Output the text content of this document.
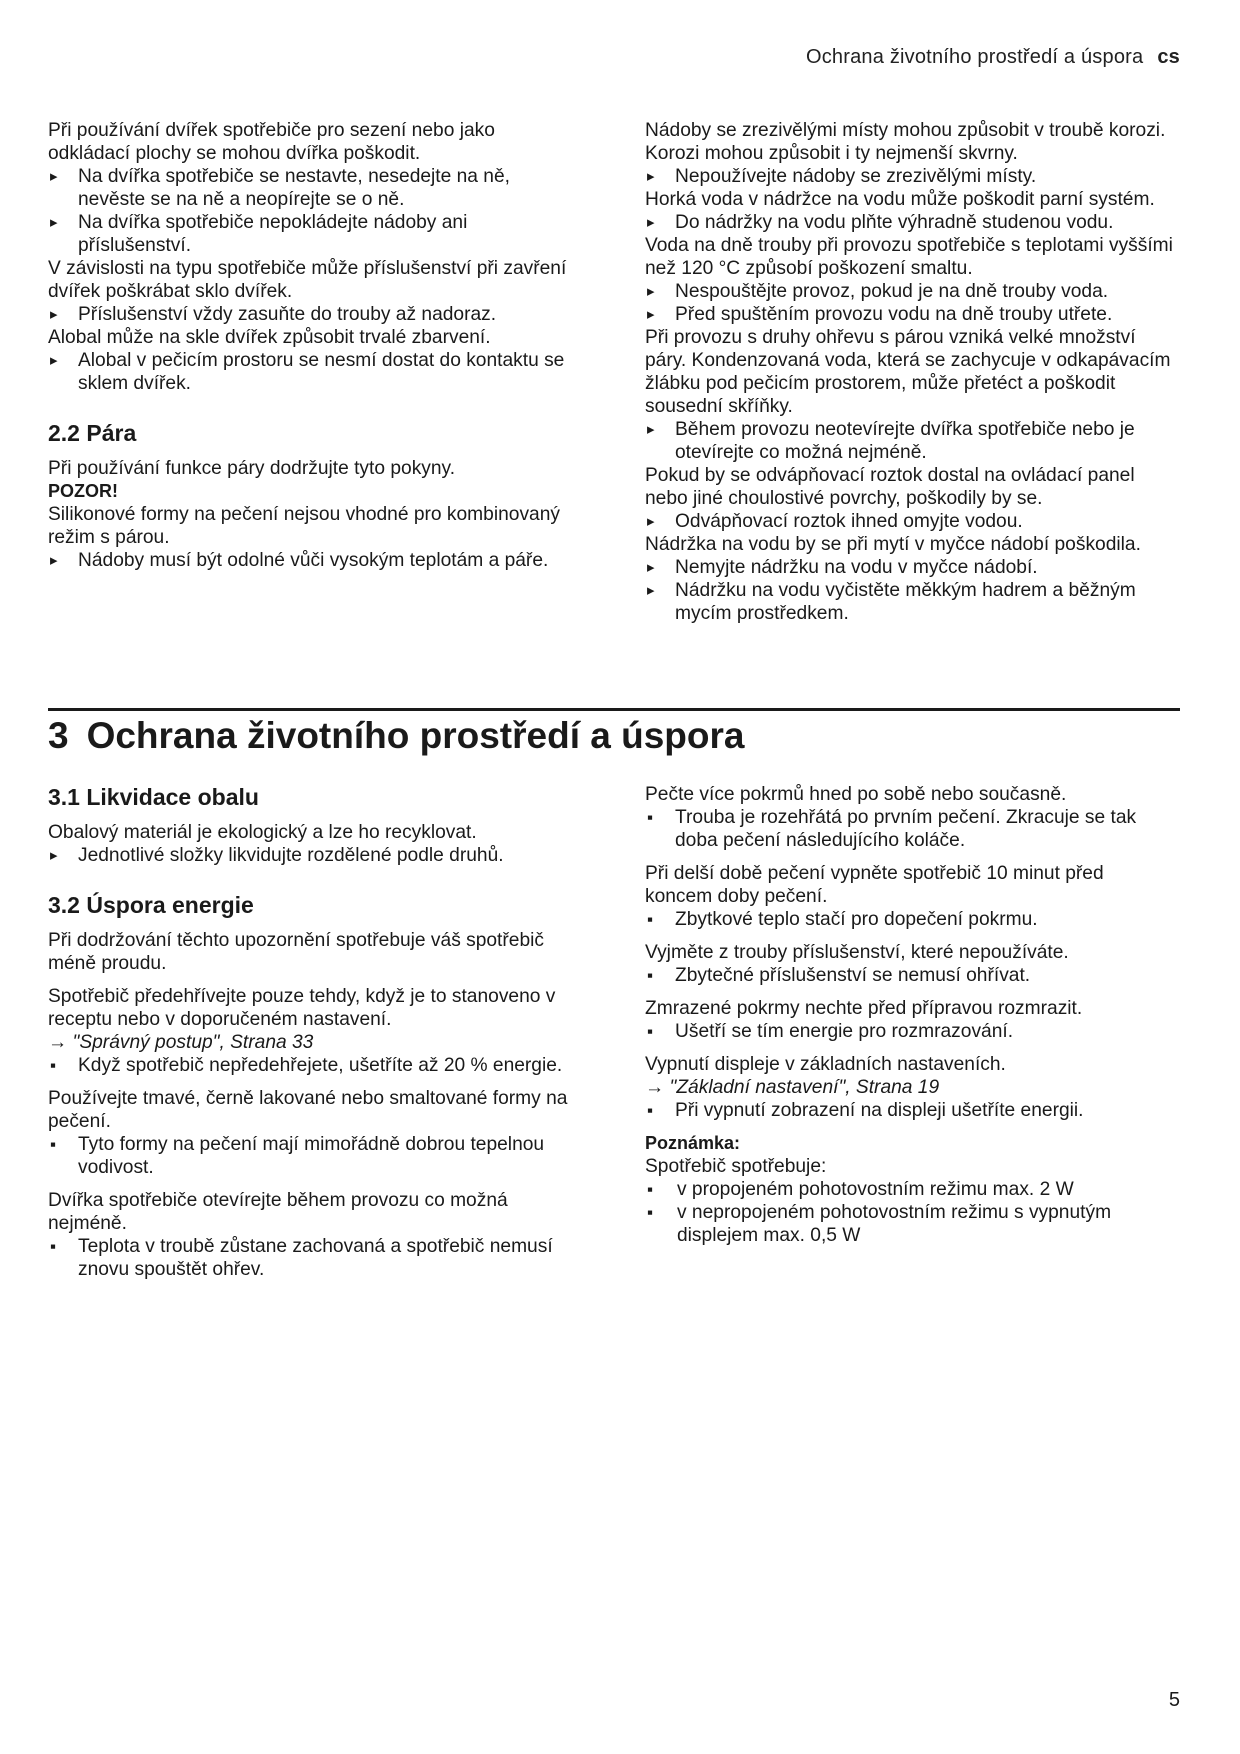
Ochrana životního prostředí a úspora cs

Při používání dvířek spotřebiče pro sezení nebo jako odkládací plochy se mohou dvířka poškodit.

▸ Na dvířka spotřebiče se nestavte, nesedejte na ně, nevěste se na ně a neopírejte se o ně.
▸ Na dvířka spotřebiče nepokládejte nádoby ani příslušenství.

V závislosti na typu spotřebiče může příslušenství při zavření dvířek poškrábat sklo dvířek.

▸ Příslušenství vždy zasuňte do trouby až nadoraz.

Alobal může na skle dvířek způsobit trvalé zbarvení.

▸ Alobal v pečicím prostoru se nesmí dostat do kontaktu se sklem dvířek.
2.2 Pára

Při používání funkce páry dodržujte tyto pokyny.

POZOR!

Silikonové formy na pečení nejsou vhodné pro kombinovaný režim s párou.

▸ Nádoby musí být odolné vůči vysokým teplotám a páře.

Nádoby se zrezivělými místy mohou způsobit v troubě korozi. Korozi mohou způsobit i ty nejmenší skvrny.

▸ Nepoužívejte nádoby se zrezivělými místy.

Horká voda v nádržce na vodu může poškodit parní systém.

▸ Do nádržky na vodu plňte výhradně studenou vodu.

Voda na dně trouby při provozu spotřebiče s teplotami vyššími než 120 °C způsobí poškození smaltu.

▸ Nespouštějte provoz, pokud je na dně trouby voda.
▸ Před spuštěním provozu vodu na dně trouby utřete.

Při provozu s druhy ohřevu s párou vzniká velké množství páry. Kondenzovaná voda, která se zachycuje v odkapávacím žlábku pod pečicím prostorem, může přetéct a poškodit sousední skříňky.

▸ Během provozu neotevírejte dvířka spotřebiče nebo je otevírejte co možná nejméně.

Pokud by se odvápňovací roztok dostal na ovládací panel nebo jiné choulostivé povrchy, poškodily by se.

▸ Odvápňovací roztok ihned omyjte vodou.

Nádržka na vodu by se při mytí v myčce nádobí poškodila.

▸ Nemyjte nádržku na vodu v myčce nádobí.
▸ Nádržku na vodu vyčistěte měkkým hadrem a běžným mycím prostředkem.
3 Ochrana životního prostředí a úspora
3.1 Likvidace obalu

Obalový materiál je ekologický a lze ho recyklovat.

▸ Jednotlivé složky likvidujte rozdělené podle druhů.
3.2 Úspora energie

Při dodržování těchto upozornění spotřebuje váš spotřebič méně proudu.

Spotřebič předehřívejte pouze tehdy, když je to stanoveno v receptu nebo v doporučeném nastavení.

→ "Správný postup", Strana 33

▪ Když spotřebič nepředehřejete, ušetříte až 20 % energie.

Používejte tmavé, černě lakované nebo smaltované formy na pečení.

▪ Tyto formy na pečení mají mimořádně dobrou tepelnou vodivost.

Dvířka spotřebiče otevírejte během provozu co možná nejméně.

▪ Teplota v troubě zůstane zachovaná a spotřebič nemusí znovu spouštět ohřev.

Pečte více pokrmů hned po sobě nebo současně.

▪ Trouba je rozehřátá po prvním pečení. Zkracuje se tak doba pečení následujícího koláče.

Při delší době pečení vypněte spotřebič 10 minut před koncem doby pečení.

▪ Zbytkové teplo stačí pro dopečení pokrmu.

Vyjměte z trouby příslušenství, které nepoužíváte.

▪ Zbytečné příslušenství se nemusí ohřívat.

Zmrazené pokrmy nechte před přípravou rozmrazit.

▪ Ušetří se tím energie pro rozmrazování.

Vypnutí displeje v základních nastaveních.

→ "Základní nastavení", Strana 19

▪ Při vypnutí zobrazení na displeji ušetříte energii.

Poznámka:

Spotřebič spotřebuje:

▪ v propojeném pohotovostním režimu max. 2 W
▪ v nepropojeném pohotovostním režimu s vypnutým displejem max. 0,5 W
5
